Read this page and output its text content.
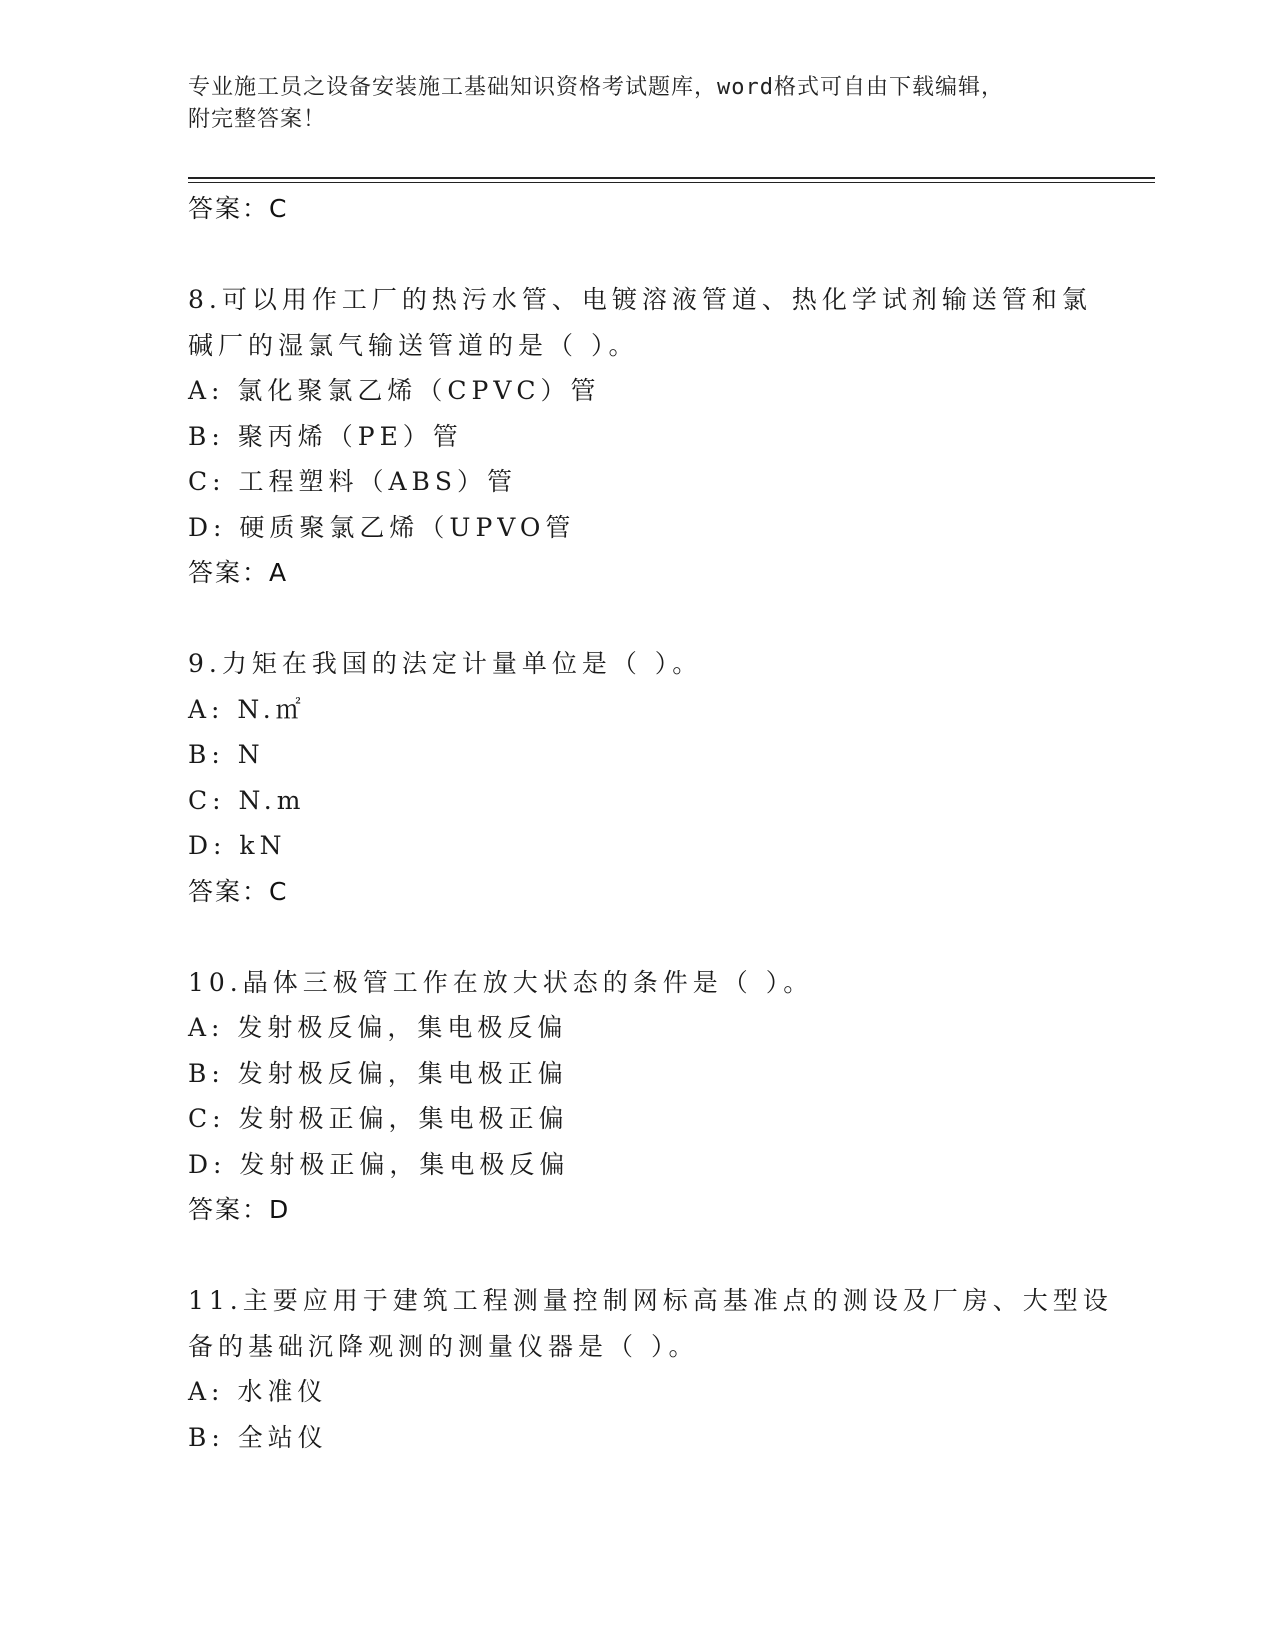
专业施工员之设备安装施工基础知识资格考试题库，word格式可自由下载编辑，
附完整答案！
答案：C
8.可以用作工厂的热污水管、电镀溶液管道、热化学试剂输送管和氯
碱厂的湿氯气输送管道的是（ ）。
A: 氯化聚氯乙烯（CPVC）管
B: 聚丙烯（PE）管
C: 工程塑料（ABS）管
D: 硬质聚氯乙烯（UPVO管
答案：A
9.力矩在我国的法定计量单位是（ ）。
A: N.㎡
B: N
C: N.m
D: kN
答案：C
10.晶体三极管工作在放大状态的条件是（ ）。
A: 发射极反偏，集电极反偏
B: 发射极反偏，集电极正偏
C: 发射极正偏，集电极正偏
D: 发射极正偏，集电极反偏
答案：D
11.主要应用于建筑工程测量控制网标高基准点的测设及厂房、大型设
备的基础沉降观测的测量仪器是（ ）。
A: 水准仪
B: 全站仪
